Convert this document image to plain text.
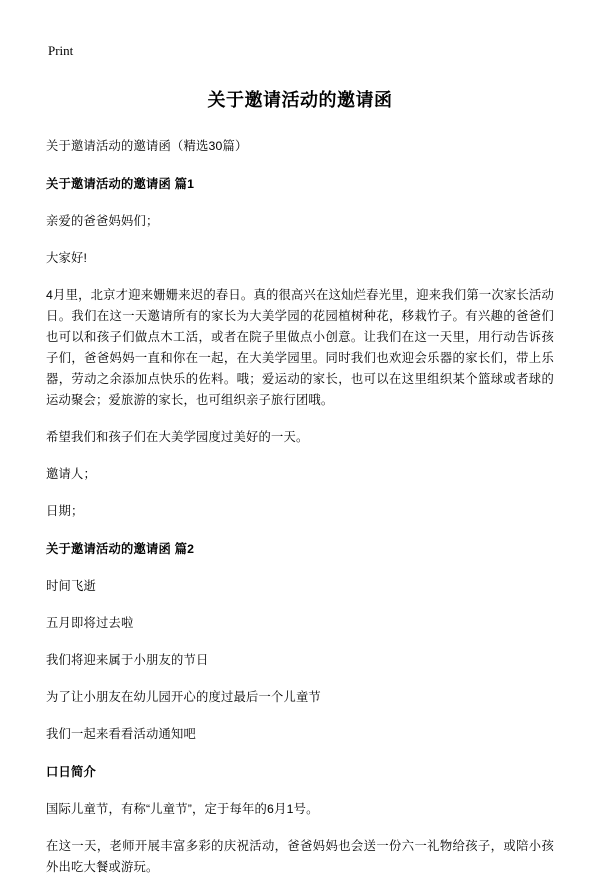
Print
关于邀请活动的邀请函

关于邀请活动的邀请函（精选30篇）

关于邀请活动的邀请函 篇1

亲爱的爸爸妈妈们；

大家好!

4月里，北京才迎来姗姗来迟的春日。真的很高兴在这灿烂春光里，迎来我们第一次家长活动日。我们在这一天邀请所有的家长为大美学园的花园植树种花，移栽竹子。有兴趣的爸爸们也可以和孩子们做点木工活，或者在院子里做点小创意。让我们在这一天里，用行动告诉孩子们，爸爸妈妈一直和你在一起，在大美学园里。同时我们也欢迎会乐器的家长们，带上乐器，劳动之余添加点快乐的佐料。哦；爱运动的家长，也可以在这里组织某个篮球或者球的运动聚会；爱旅游的家长，也可组织亲子旅行团哦。

希望我们和孩子们在大美学园度过美好的一天。

邀请人；

日期；

关于邀请活动的邀请函 篇2

时间飞逝

五月即将过去啦

我们将迎来属于小朋友的节日

为了让小朋友在幼儿园开心的度过最后一个儿童节

我们一起来看看活动通知吧

口日简介

国际儿童节，有称“儿童节”，定于每年的6月1号。

在这一天，老师开展丰富多彩的庆祝活动，爸爸妈妈也会送一份六一礼物给孩子，或陪小孩外出吃大餐或游玩。
